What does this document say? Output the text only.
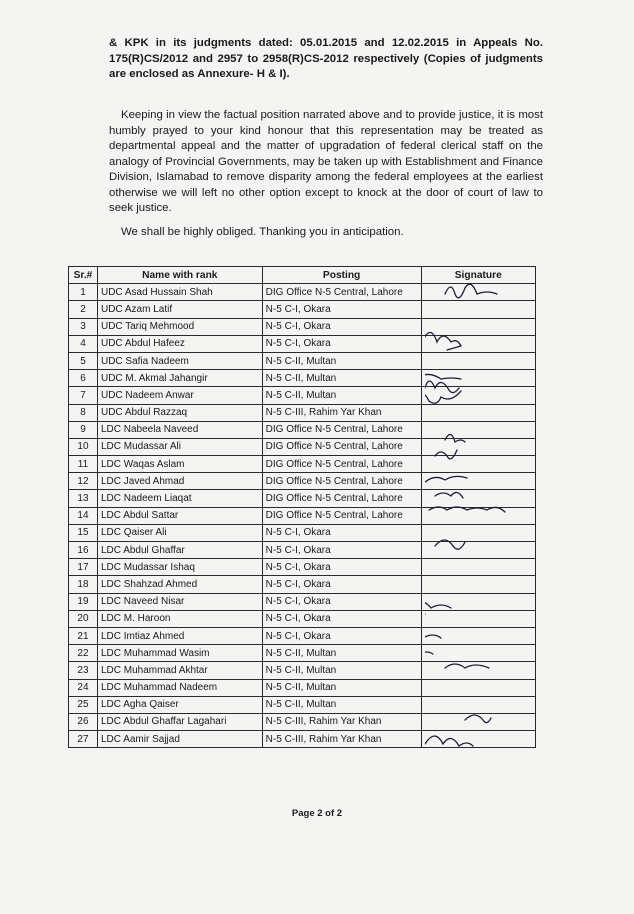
& KPK in its judgments dated: 05.01.2015 and 12.02.2015 in Appeals No. 175(R)CS/2012 and 2957 to 2958(R)CS-2012 respectively (Copies of judgments are enclosed as Annexure- H & I).

Keeping in view the factual position narrated above and to provide justice, it is most humbly prayed to your kind honour that this representation may be treated as departmental appeal and the matter of upgradation of federal clerical staff on the analogy of Provincial Governments, may be taken up with Establishment and Finance Division, Islamabad to remove disparity among the federal employees at the earliest otherwise we will left no other option except to knock at the door of court of law to seek justice.

We shall be highly obliged. Thanking you in anticipation.

Sr.#	Name with rank	Posting	Signature
1	UDC Asad Hussain Shah	DIG Office N-5 Central, Lahore	
2	UDC Azam Latif	N-5 C-I, Okara	
3	UDC Tariq Mehmood	N-5 C-I, Okara	
4	UDC Abdul Hafeez	N-5 C-I, Okara	
5	UDC Safia Nadeem	N-5 C-II, Multan	
6	UDC M. Akmal Jahangir	N-5 C-II, Multan	
7	UDC Nadeem Anwar	N-5 C-II, Multan	
8	UDC Abdul Razzaq	N-5 C-III, Rahim Yar Khan	
9	LDC Nabeela Naveed	DIG Office N-5 Central, Lahore	
10	LDC Mudassar Ali	DIG Office N-5 Central, Lahore	
11	LDC Waqas Aslam	DIG Office N-5 Central, Lahore	
12	LDC Javed Ahmad	DIG Office N-5 Central, Lahore	
13	LDC Nadeem Liaqat	DIG Office N-5 Central, Lahore	
14	LDC Abdul Sattar	DIG Office N-5 Central, Lahore	
15	LDC Qaiser Ali	N-5 C-I, Okara	
16	LDC Abdul Ghaffar	N-5 C-I, Okara	
17	LDC Mudassar Ishaq	N-5 C-I, Okara	
18	LDC Shahzad Ahmed	N-5 C-I, Okara	
19	LDC Naveed Nisar	N-5 C-I, Okara	
20	LDC M. Haroon	N-5 C-I, Okara	
21	LDC Imtiaz Ahmed	N-5 C-I, Okara	
22	LDC Muhammad Wasim	N-5 C-II, Multan	
23	LDC Muhammad Akhtar	N-5 C-II, Multan	
24	LDC Muhammad Nadeem	N-5 C-II, Multan	
25	LDC Agha Qaiser	N-5 C-II, Multan	
26	LDC Abdul Ghaffar Lagahari	N-5 C-III, Rahim Yar Khan	
27	LDC Aamir Sajjad	N-5 C-III, Rahim Yar Khan	
Page 2 of 2
